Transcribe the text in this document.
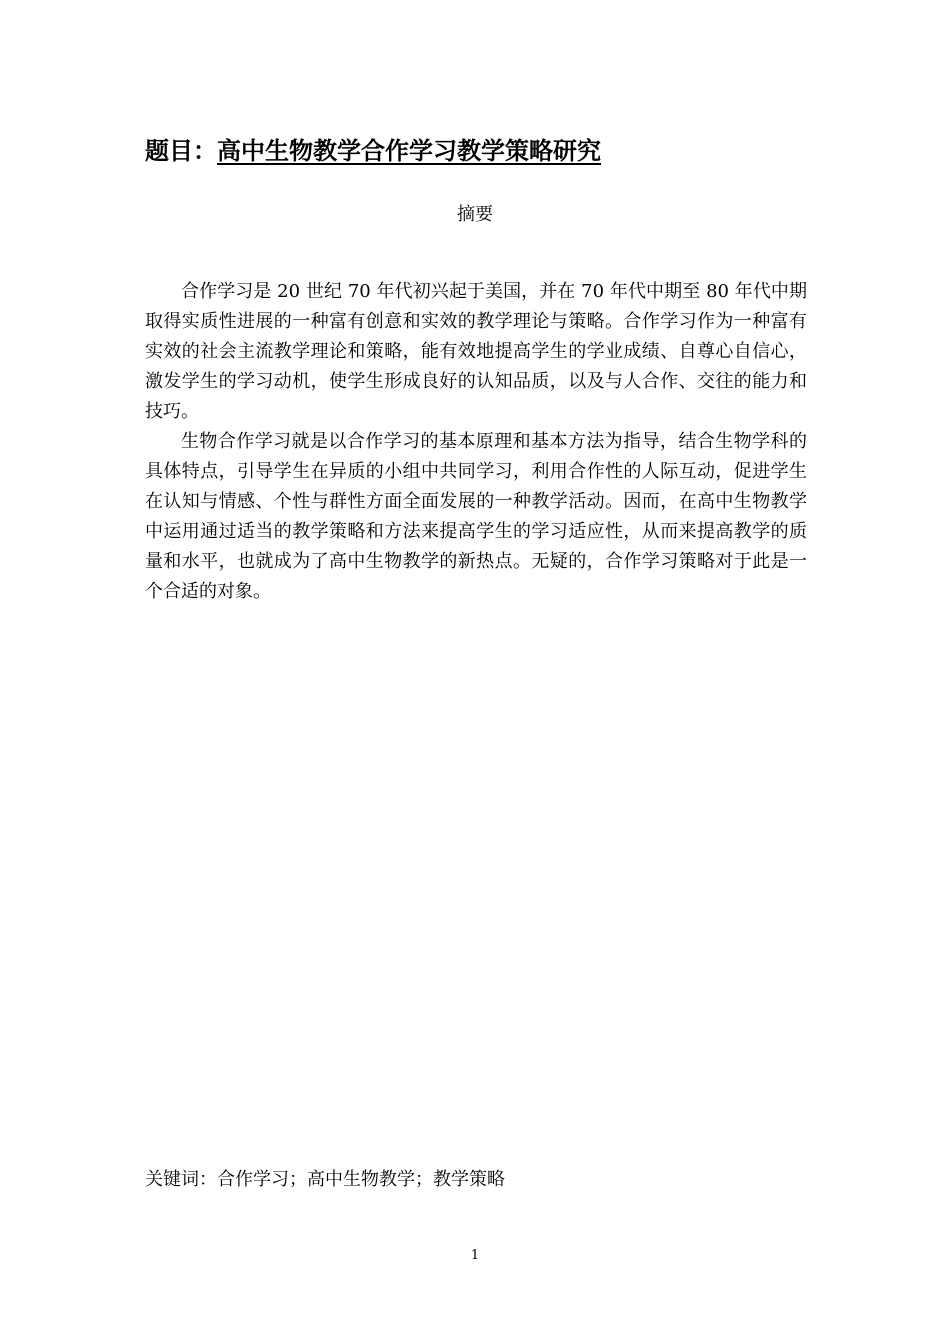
题目：高中生物教学合作学习教学策略研究
摘要

合作学习是 20 世纪 70 年代初兴起于美国，并在 70 年代中期至 80 年代中期取得实质性进展的一种富有创意和实效的教学理论与策略。合作学习作为一种富有实效的社会主流教学理论和策略，能有效地提高学生的学业成绩、自尊心自信心，激发学生的学习动机，使学生形成良好的认知品质，以及与人合作、交往的能力和技巧。

生物合作学习就是以合作学习的基本原理和基本方法为指导，结合生物学科的具体特点，引导学生在异质的小组中共同学习，利用合作性的人际互动，促进学生在认知与情感、个性与群性方面全面发展的一种教学活动。因而，在高中生物教学中运用通过适当的教学策略和方法来提高学生的学习适应性，从而来提高教学的质量和水平，也就成为了高中生物教学的新热点。无疑的，合作学习策略对于此是一个合适的对象。

关键词：合作学习；高中生物教学；教学策略
1
